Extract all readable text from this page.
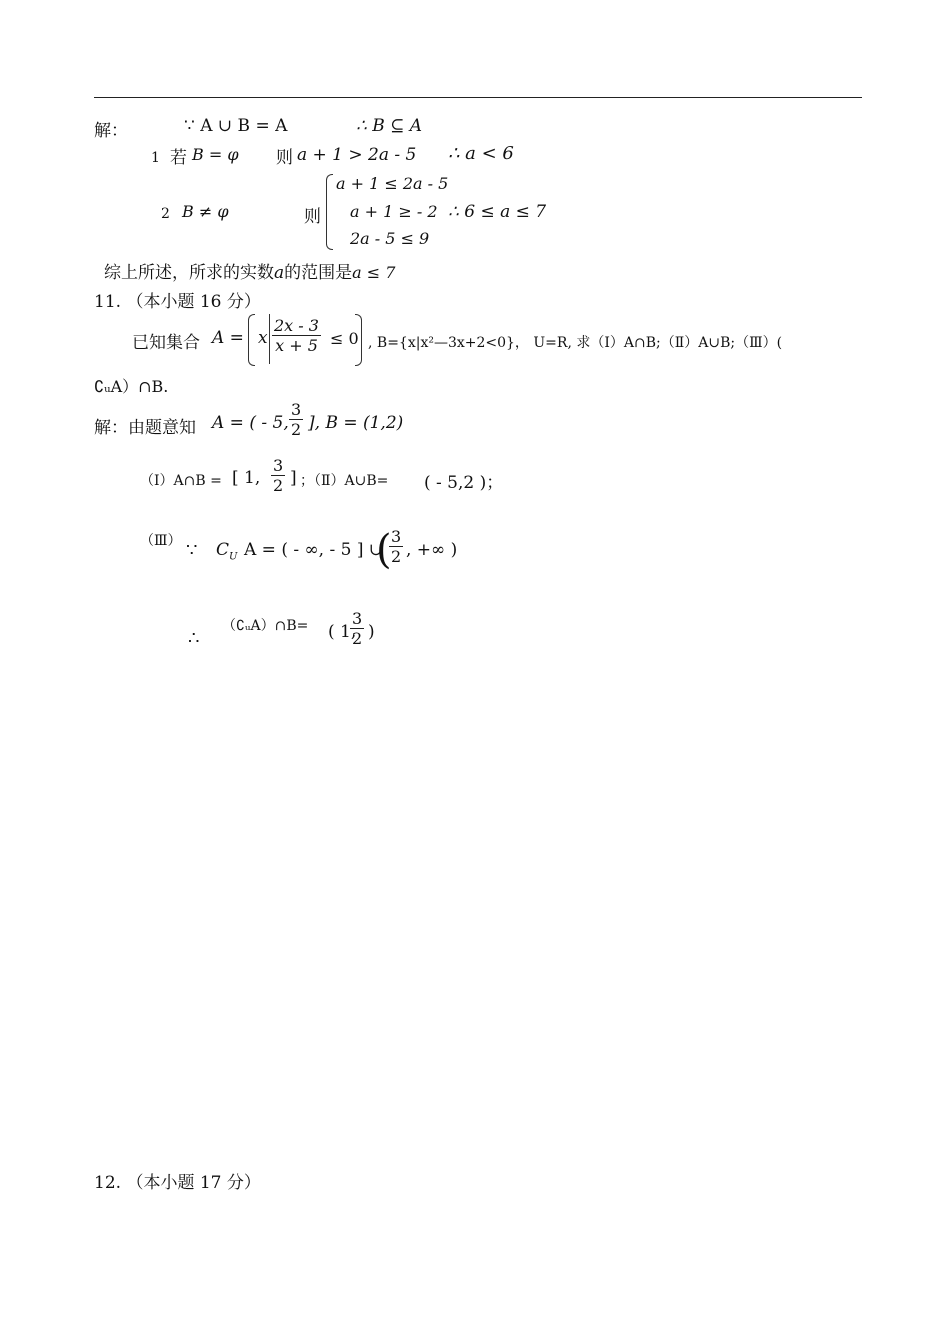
解：	∵ A ∪ B = A	∴ B ⊆ A
1 若 B = φ 则 a + 1 > 2a - 5 ∴ a < 6
2 B ≠ φ	则
a + 1 ≤ 2a - 5
a + 1 ≥ - 2
2a - 5 ≤ 9
∴ 6 ≤ a ≤ 7
综上所述，所求的实数a的范围是a ≤ 7
11. （本小题 16 分）
已知集合 A = x $\frac{2x - 3}{x + 5} \le 0$ , B={x|x²—3x+2<0}， U=R, 求（Ⅰ）A∩B;（Ⅱ）A∪B;（Ⅲ）(
∁ᵤA）∩B.
解：由题意知 A = ( - 5, $\frac{3}{2}$ ], B = (1,2)
（Ⅰ）A∩B = [ 1, $\frac{3}{2}$ ] ；（Ⅱ）A∪B= ( - 5,2 )；
（Ⅲ） ∵ $C_U$ A = ( - ∞, - 5 ] ∪
(
$\frac{3}{2}$ , +∞ )
∴
（∁ᵤA）∩B= ( 1,
$\frac{3}{2}$ )
12. （本小题 17 分）
